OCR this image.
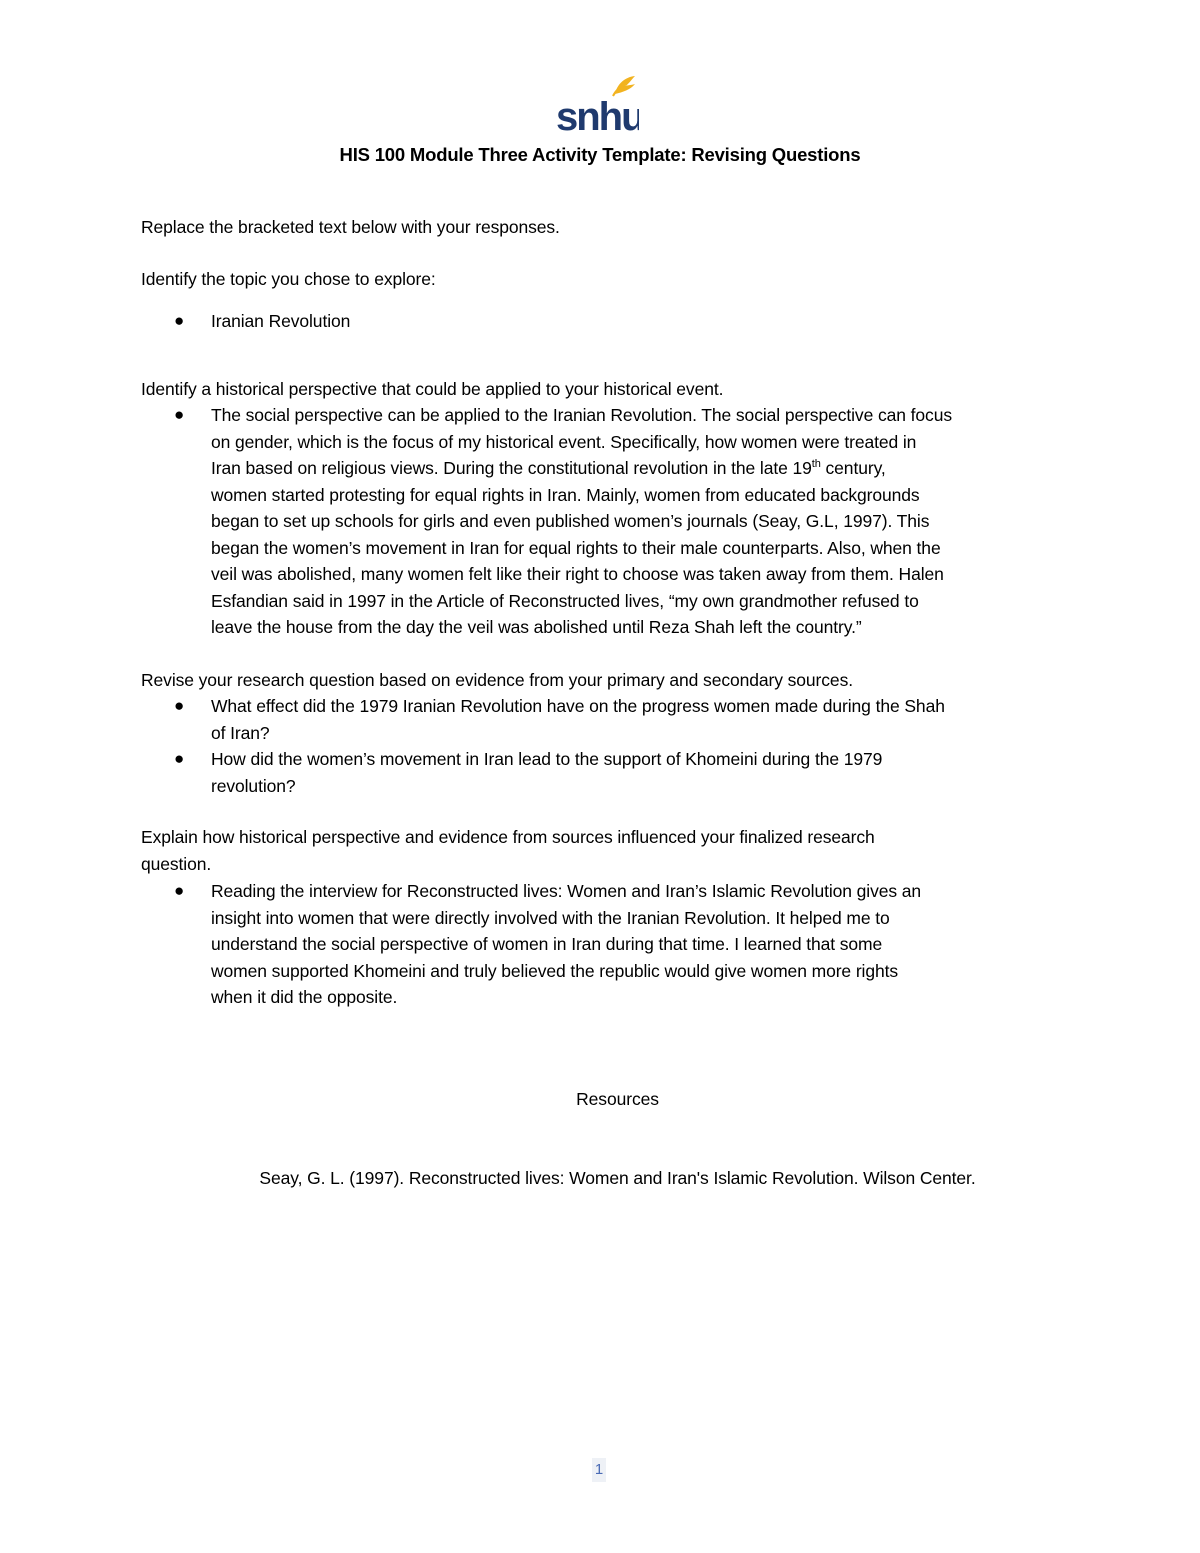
snhu
HIS 100 Module Three Activity Template: Revising Questions
Replace the bracketed text below with your responses.
Identify the topic you chose to explore:
● Iranian Revolution
Identify a historical perspective that could be applied to your historical event.
● The social perspective can be applied to the Iranian Revolution. The social perspective can focus
on gender, which is the focus of my historical event. Specifically, how women were treated in
Iran based on religious views. During the constitutional revolution in the late 19th century,
women started protesting for equal rights in Iran. Mainly, women from educated backgrounds
began to set up schools for girls and even published women’s journals (Seay, G.L, 1997). This
began the women’s movement in Iran for equal rights to their male counterparts. Also, when the
veil was abolished, many women felt like their right to choose was taken away from them. Halen
Esfandian said in 1997 in the Article of Reconstructed lives, “my own grandmother refused to
leave the house from the day the veil was abolished until Reza Shah left the country.”
Revise your research question based on evidence from your primary and secondary sources.
● What effect did the 1979 Iranian Revolution have on the progress women made during the Shah
of Iran?
● How did the women’s movement in Iran lead to the support of Khomeini during the 1979
revolution?
Explain how historical perspective and evidence from sources influenced your finalized research
question.
● Reading the interview for Reconstructed lives: Women and Iran’s Islamic Revolution gives an
insight into women that were directly involved with the Iranian Revolution. It helped me to
understand the social perspective of women in Iran during that time. I learned that some
women supported Khomeini and truly believed the republic would give women more rights
when it did the opposite.
Resources
Seay, G. L. (1997). Reconstructed lives: Women and Iran's Islamic Revolution. Wilson Center.
1
